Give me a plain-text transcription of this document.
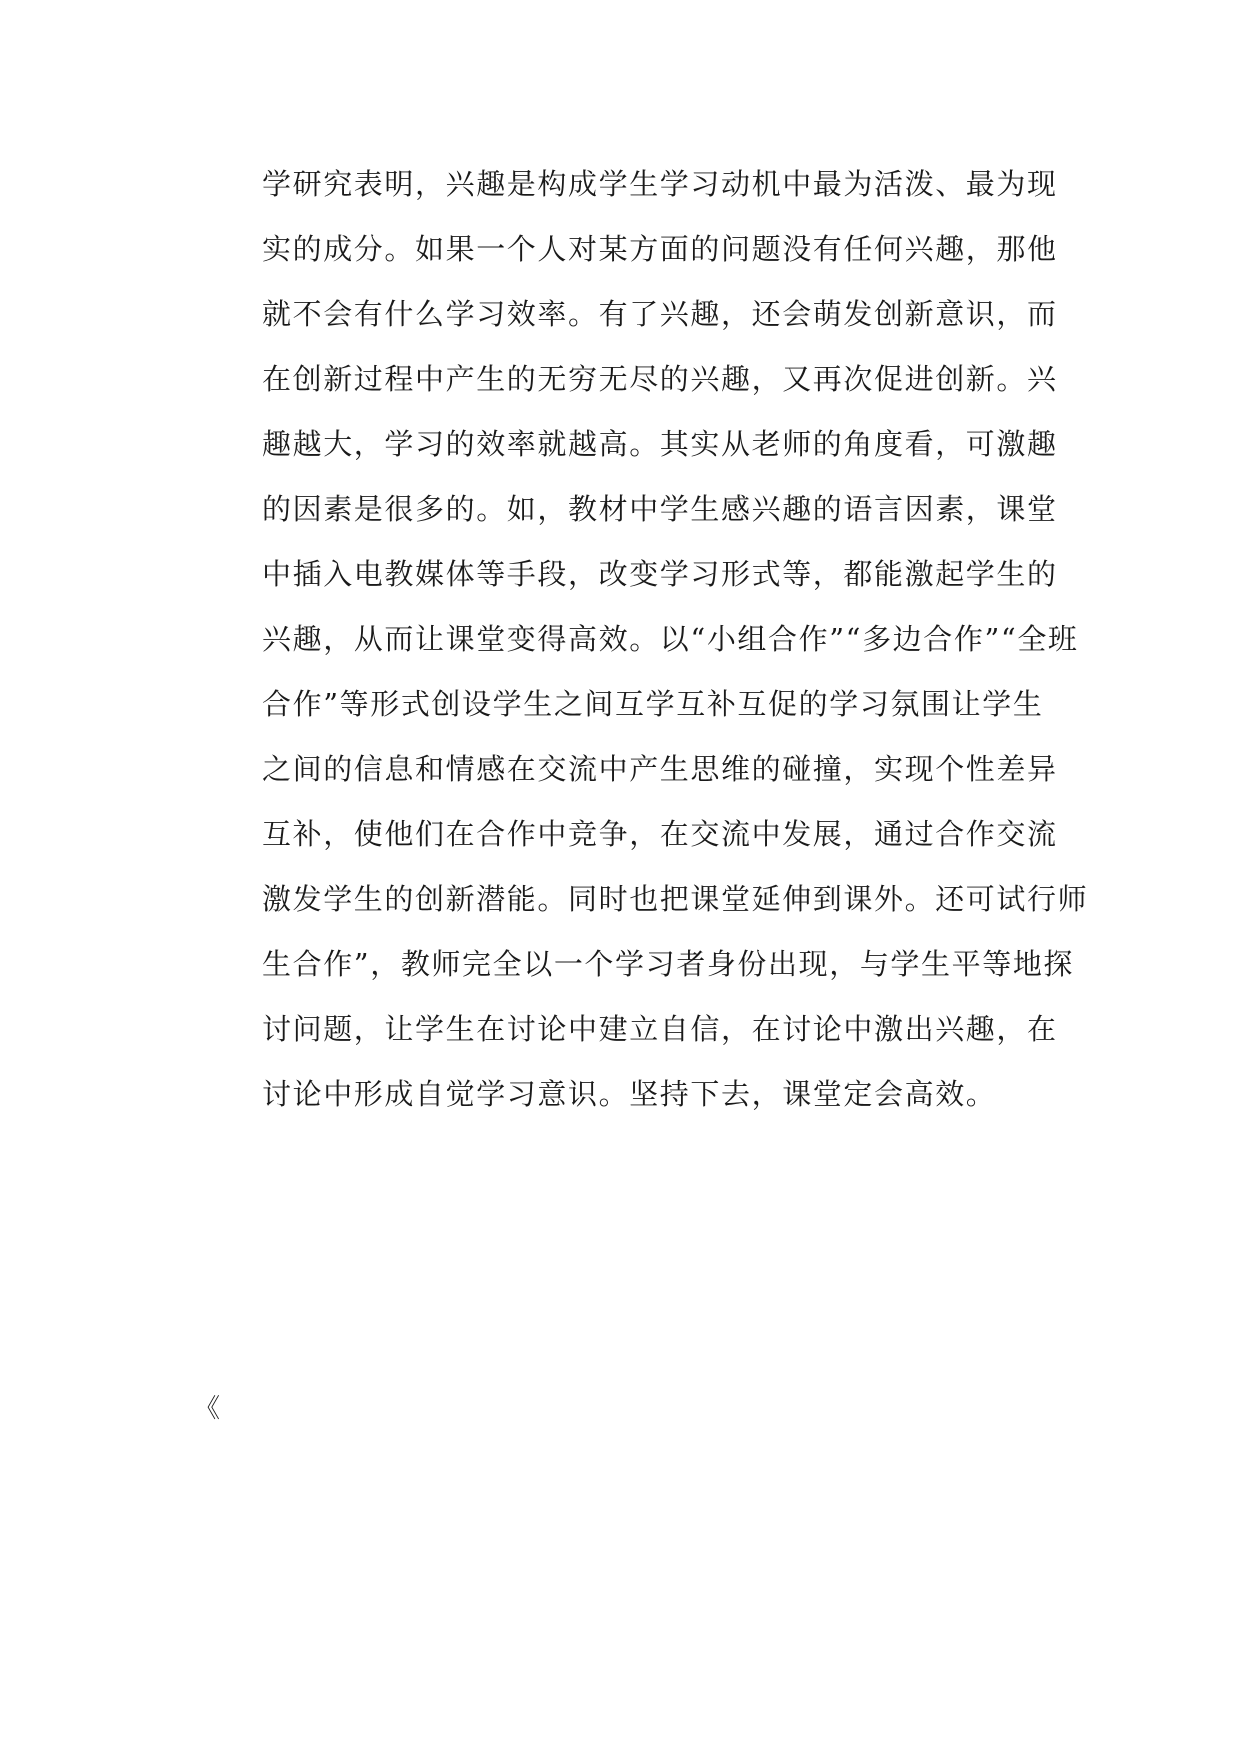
学研究表明，兴趣是构成学生学习动机中最为活泼、最为现
实的成分。如果一个人对某方面的问题没有任何兴趣，那他
就不会有什么学习效率。有了兴趣，还会萌发创新意识，而
在创新过程中产生的无穷无尽的兴趣，又再次促进创新。兴
趣越大，学习的效率就越高。其实从老师的角度看，可激趣
的因素是很多的。如，教材中学生感兴趣的语言因素，课堂
中插入电教媒体等手段，改变学习形式等，都能激起学生的
兴趣，从而让课堂变得高效。以“小组合作”“多边合作”“全班
合作”等形式创设学生之间互学互补互促的学习氛围让学生
之间的信息和情感在交流中产生思维的碰撞，实现个性差异
互补，使他们在合作中竞争，在交流中发展，通过合作交流
激发学生的创新潜能。同时也把课堂延伸到课外。还可试行师
生合作”，教师完全以一个学习者身份出现，与学生平等地探
讨问题，让学生在讨论中建立自信，在讨论中激出兴趣，在
讨论中形成自觉学习意识。坚持下去，课堂定会高效。
《
